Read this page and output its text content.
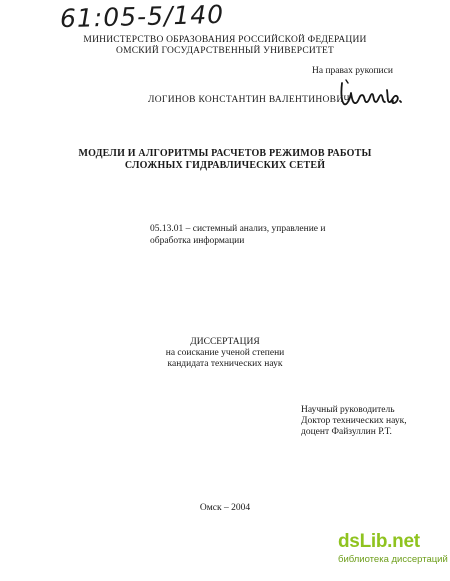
61:05-5/140
МИНИСТЕРСТВО ОБРАЗОВАНИЯ РОССИЙСКОЙ ФЕДЕРАЦИИ
ОМСКИЙ ГОСУДАРСТВЕННЫЙ УНИВЕРСИТЕТ
На правах рукописи
ЛОГИНОВ КОНСТАНТИН ВАЛЕНТИНОВИЧ
МОДЕЛИ И АЛГОРИТМЫ РАСЧЕТОВ РЕЖИМОВ РАБОТЫ
СЛОЖНЫХ ГИДРАВЛИЧЕСКИХ СЕТЕЙ
05.13.01 – системный анализ, управление и
обработка информации
ДИССЕРТАЦИЯ
на соискание ученой степени
кандидата технических наук
Научный руководитель
Доктор технических наук,
доцент Файзуллин Р.Т.
Омск – 2004
dsLib.net
библиотека диссертаций
